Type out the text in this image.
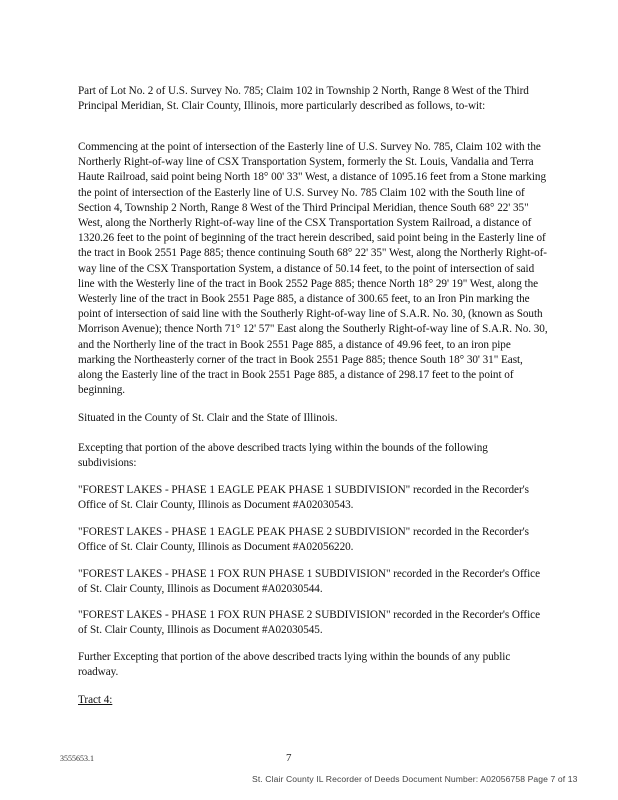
Part of Lot No. 2 of U.S. Survey No. 785; Claim 102 in Township 2 North, Range 8 West of the Third Principal Meridian, St. Clair County, Illinois, more particularly described as follows, to-wit:

Commencing at the point of intersection of the Easterly line of U.S. Survey No. 785, Claim 102 with the Northerly Right-of-way line of CSX Transportation System, formerly the St. Louis, Vandalia and Terra Haute Railroad, said point being North 18° 00' 33" West, a distance of 1095.16 feet from a Stone marking the point of intersection of the Easterly line of U.S. Survey No. 785 Claim 102 with the South line of Section 4, Township 2 North, Range 8 West of the Third Principal Meridian, thence South 68° 22' 35" West, along the Northerly Right-of-way line of the CSX Transportation System Railroad, a distance of 1320.26 feet to the point of beginning of the tract herein described, said point being in the Easterly line of the tract in Book 2551 Page 885; thence continuing South 68° 22' 35" West, along the Northerly Right-of-way line of the CSX Transportation System, a distance of 50.14 feet, to the point of intersection of said line with the Westerly line of the tract in Book 2552 Page 885; thence North 18° 29' 19" West, along the Westerly line of the tract in Book 2551 Page 885, a distance of 300.65 feet, to an Iron Pin marking the point of intersection of said line with the Southerly Right-of-way line of S.A.R. No. 30, (known as South Morrison Avenue); thence North 71° 12' 57" East along the Southerly Right-of-way line of S.A.R. No. 30, and the Northerly line of the tract in Book 2551 Page 885, a distance of 49.96 feet, to an iron pipe marking the Northeasterly corner of the tract in Book 2551 Page 885; thence South 18° 30' 31" East, along the Easterly line of the tract in Book 2551 Page 885, a distance of 298.17 feet to the point of beginning.

Situated in the County of St. Clair and the State of Illinois.

Excepting that portion of the above described tracts lying within the bounds of the following subdivisions:

"FOREST LAKES - PHASE 1 EAGLE PEAK PHASE 1 SUBDIVISION" recorded in the Recorder's Office of St. Clair County, Illinois as Document #A02030543.

"FOREST LAKES - PHASE 1 EAGLE PEAK PHASE 2 SUBDIVISION" recorded in the Recorder's Office of St. Clair County, Illinois as Document #A02056220.

"FOREST LAKES - PHASE 1 FOX RUN PHASE 1 SUBDIVISION" recorded in the Recorder's Office of St. Clair County, Illinois as Document #A02030544.

"FOREST LAKES - PHASE 1 FOX RUN PHASE 2 SUBDIVISION" recorded in the Recorder's Office of St. Clair County, Illinois as Document #A02030545.

Further Excepting that portion of the above described tracts lying within the bounds of any public roadway.

Tract 4:

3555653.1	7
St. Clair County IL Recorder of Deeds Document Number: A02056758 Page 7 of 13
